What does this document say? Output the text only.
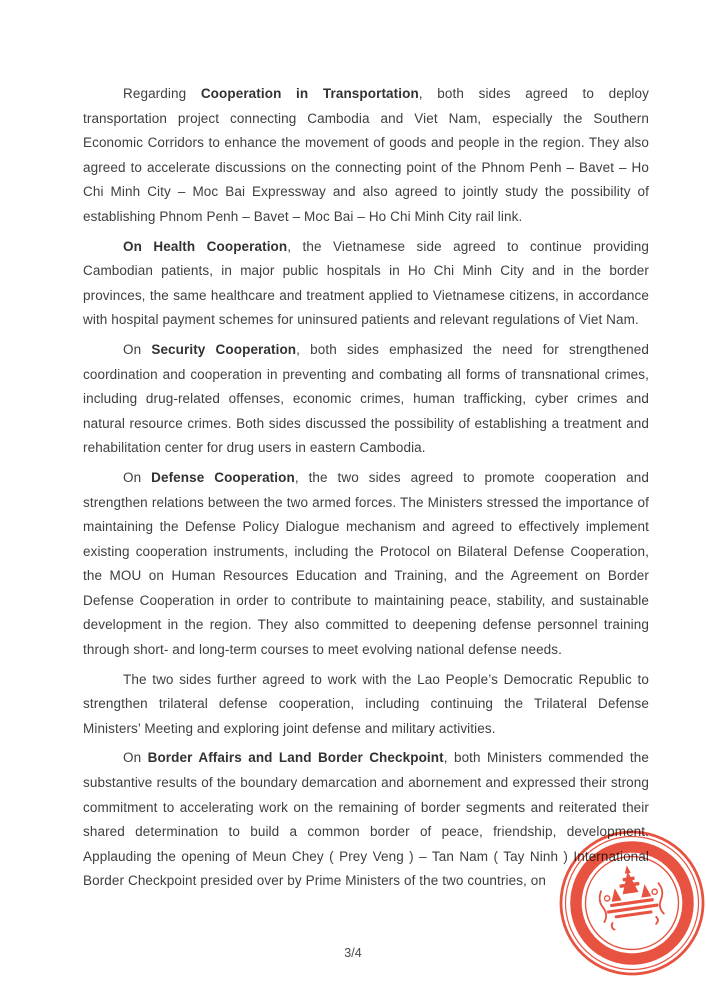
Regarding Cooperation in Transportation, both sides agreed to deploy transportation project connecting Cambodia and Viet Nam, especially the Southern Economic Corridors to enhance the movement of goods and people in the region. They also agreed to accelerate discussions on the connecting point of the Phnom Penh – Bavet – Ho Chi Minh City – Moc Bai Expressway and also agreed to jointly study the possibility of establishing Phnom Penh – Bavet – Moc Bai – Ho Chi Minh City rail link.

On Health Cooperation, the Vietnamese side agreed to continue providing Cambodian patients, in major public hospitals in Ho Chi Minh City and in the border provinces, the same healthcare and treatment applied to Vietnamese citizens, in accordance with hospital payment schemes for uninsured patients and relevant regulations of Viet Nam.

On Security Cooperation, both sides emphasized the need for strengthened coordination and cooperation in preventing and combating all forms of transnational crimes, including drug-related offenses, economic crimes, human trafficking, cyber crimes and natural resource crimes. Both sides discussed the possibility of establishing a treatment and rehabilitation center for drug users in eastern Cambodia.

On Defense Cooperation, the two sides agreed to promote cooperation and strengthen relations between the two armed forces. The Ministers stressed the importance of maintaining the Defense Policy Dialogue mechanism and agreed to effectively implement existing cooperation instruments, including the Protocol on Bilateral Defense Cooperation, the MOU on Human Resources Education and Training, and the Agreement on Border Defense Cooperation in order to contribute to maintaining peace, stability, and sustainable development in the region. They also committed to deepening defense personnel training through short- and long-term courses to meet evolving national defense needs.

The two sides further agreed to work with the Lao People’s Democratic Republic to strengthen trilateral defense cooperation, including continuing the Trilateral Defense Ministers’ Meeting and exploring joint defense and military activities.

On Border Affairs and Land Border Checkpoint, both Ministers commended the substantive results of the boundary demarcation and abornement and expressed their strong commitment to accelerating work on the remaining of border segments and reiterated their shared determination to build a common border of peace, friendship, development. Applauding the opening of Meun Chey ( Prey Veng ) – Tan Nam ( Tay Ninh ) International Border Checkpoint presided over by Prime Ministers of the two countries, on

3/4
